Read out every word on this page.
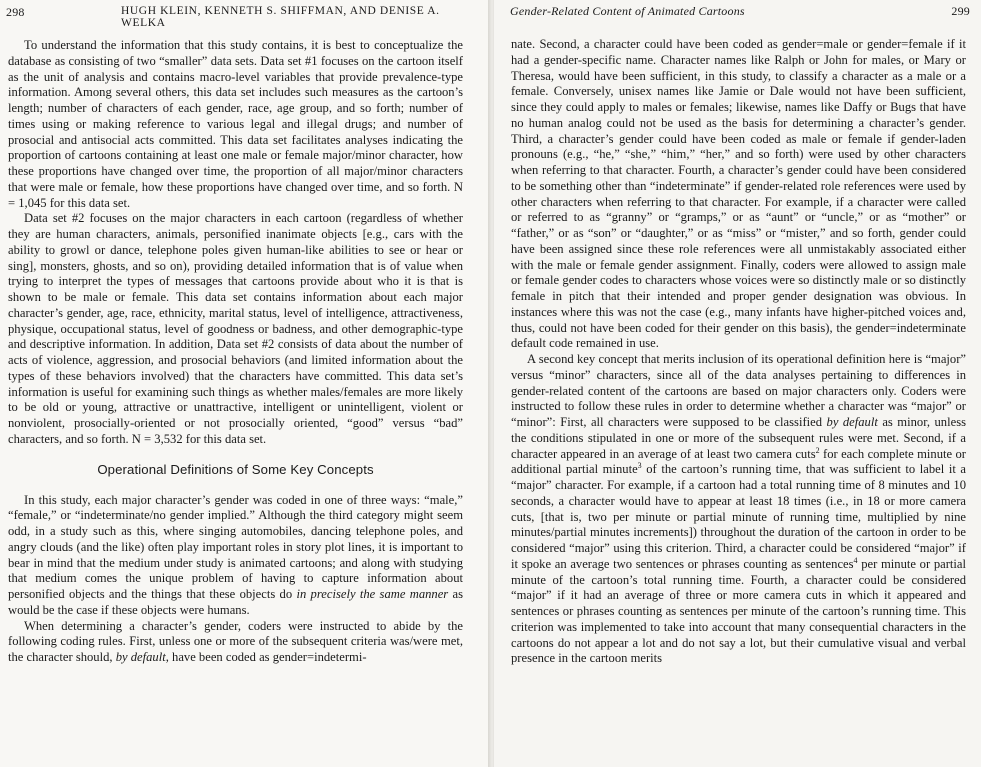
298	HUGH KLEIN, KENNETH S. SHIFFMAN, AND DENISE A. WELKA

To understand the information that this study contains, it is best to conceptualize the database as consisting of two “smaller” data sets. Data set #1 focuses on the cartoon itself as the unit of analysis and contains macro-level variables that provide prevalence-type information. Among several others, this data set includes such measures as the cartoon’s length; number of characters of each gender, race, age group, and so forth; number of times using or making reference to various legal and illegal drugs; and number of prosocial and antisocial acts committed. This data set facilitates analyses indicating the proportion of cartoons containing at least one male or female major/minor character, how these proportions have changed over time, the proportion of all major/minor characters that were male or female, how these proportions have changed over time, and so forth. N = 1,045 for this data set.

Data set #2 focuses on the major characters in each cartoon (regardless of whether they are human characters, animals, personified inanimate objects [e.g., cars with the ability to growl or dance, telephone poles given human-like abilities to see or hear or sing], monsters, ghosts, and so on), providing detailed information that is of value when trying to interpret the types of messages that cartoons provide about who it is that is shown to be male or female. This data set contains information about each major character’s gender, age, race, ethnicity, marital status, level of intelligence, attractiveness, physique, occupational status, level of goodness or badness, and other demographic-type and descriptive information. In addition, Data set #2 consists of data about the number of acts of violence, aggression, and prosocial behaviors (and limited information about the types of these behaviors involved) that the characters have committed. This data set’s information is useful for examining such things as whether males/females are more likely to be old or young, attractive or unattractive, intelligent or unintelligent, violent or nonviolent, prosocially-oriented or not prosocially oriented, “good” versus “bad” characters, and so forth. N = 3,532 for this data set.

Operational Definitions of Some Key Concepts

In this study, each major character’s gender was coded in one of three ways: “male,” “female,” or “indeterminate/no gender implied.” Although the third category might seem odd, in a study such as this, where singing automobiles, dancing telephone poles, and angry clouds (and the like) often play important roles in story plot lines, it is important to bear in mind that the medium under study is animated cartoons; and along with studying that medium comes the unique problem of having to capture information about personified objects and the things that these objects do in precisely the same manner as would be the case if these objects were humans.

When determining a character’s gender, coders were instructed to abide by the following coding rules. First, unless one or more of the subsequent criteria was/were met, the character should, by default, have been coded as gender=indetermi-

Gender-Related Content of Animated Cartoons	299

nate. Second, a character could have been coded as gender=male or gender=female if it had a gender-specific name. Character names like Ralph or John for males, or Mary or Theresa, would have been sufficient, in this study, to classify a character as a male or a female. Conversely, unisex names like Jamie or Dale would not have been sufficient, since they could apply to males or females; likewise, names like Daffy or Bugs that have no human analog could not be used as the basis for determining a character’s gender. Third, a character’s gender could have been coded as male or female if gender-laden pronouns (e.g., “he,” “she,” “him,” “her,” and so forth) were used by other characters when referring to that character. Fourth, a character’s gender could have been considered to be something other than “indeterminate” if gender-related role references were used by other characters when referring to that character. For example, if a character were called or referred to as “granny” or “gramps,” or as “aunt” or “uncle,” or as “mother” or “father,” or as “son” or “daughter,” or as “miss” or “mister,” and so forth, gender could have been assigned since these role references were all unmistakably associated either with the male or female gender assignment. Finally, coders were allowed to assign male or female gender codes to characters whose voices were so distinctly male or so distinctly female in pitch that their intended and proper gender designation was obvious. In instances where this was not the case (e.g., many infants have higher-pitched voices and, thus, could not have been coded for their gender on this basis), the gender=indeterminate default code remained in use.

A second key concept that merits inclusion of its operational definition here is “major” versus “minor” characters, since all of the data analyses pertaining to differences in gender-related content of the cartoons are based on major characters only. Coders were instructed to follow these rules in order to determine whether a character was “major” or “minor”: First, all characters were supposed to be classified by default as minor, unless the conditions stipulated in one or more of the subsequent rules were met. Second, if a character appeared in an average of at least two camera cuts$^2$ for each complete minute or additional partial minute$^3$ of the cartoon’s running time, that was sufficient to label it a “major” character. For example, if a cartoon had a total running time of 8 minutes and 10 seconds, a character would have to appear at least 18 times (i.e., in 18 or more camera cuts, [that is, two per minute or partial minute of running time, multiplied by nine minutes/partial minutes increments]) throughout the duration of the cartoon in order to be considered “major” using this criterion. Third, a character could be considered “major” if it spoke an average two sentences or phrases counting as sentences$^4$ per minute or partial minute of the cartoon’s total running time. Fourth, a character could be considered “major” if it had an average of three or more camera cuts in which it appeared and sentences or phrases counting as sentences per minute of the cartoon’s running time. This criterion was implemented to take into account that many consequential characters in the cartoons do not appear a lot and do not say a lot, but their cumulative visual and verbal presence in the cartoon merits
